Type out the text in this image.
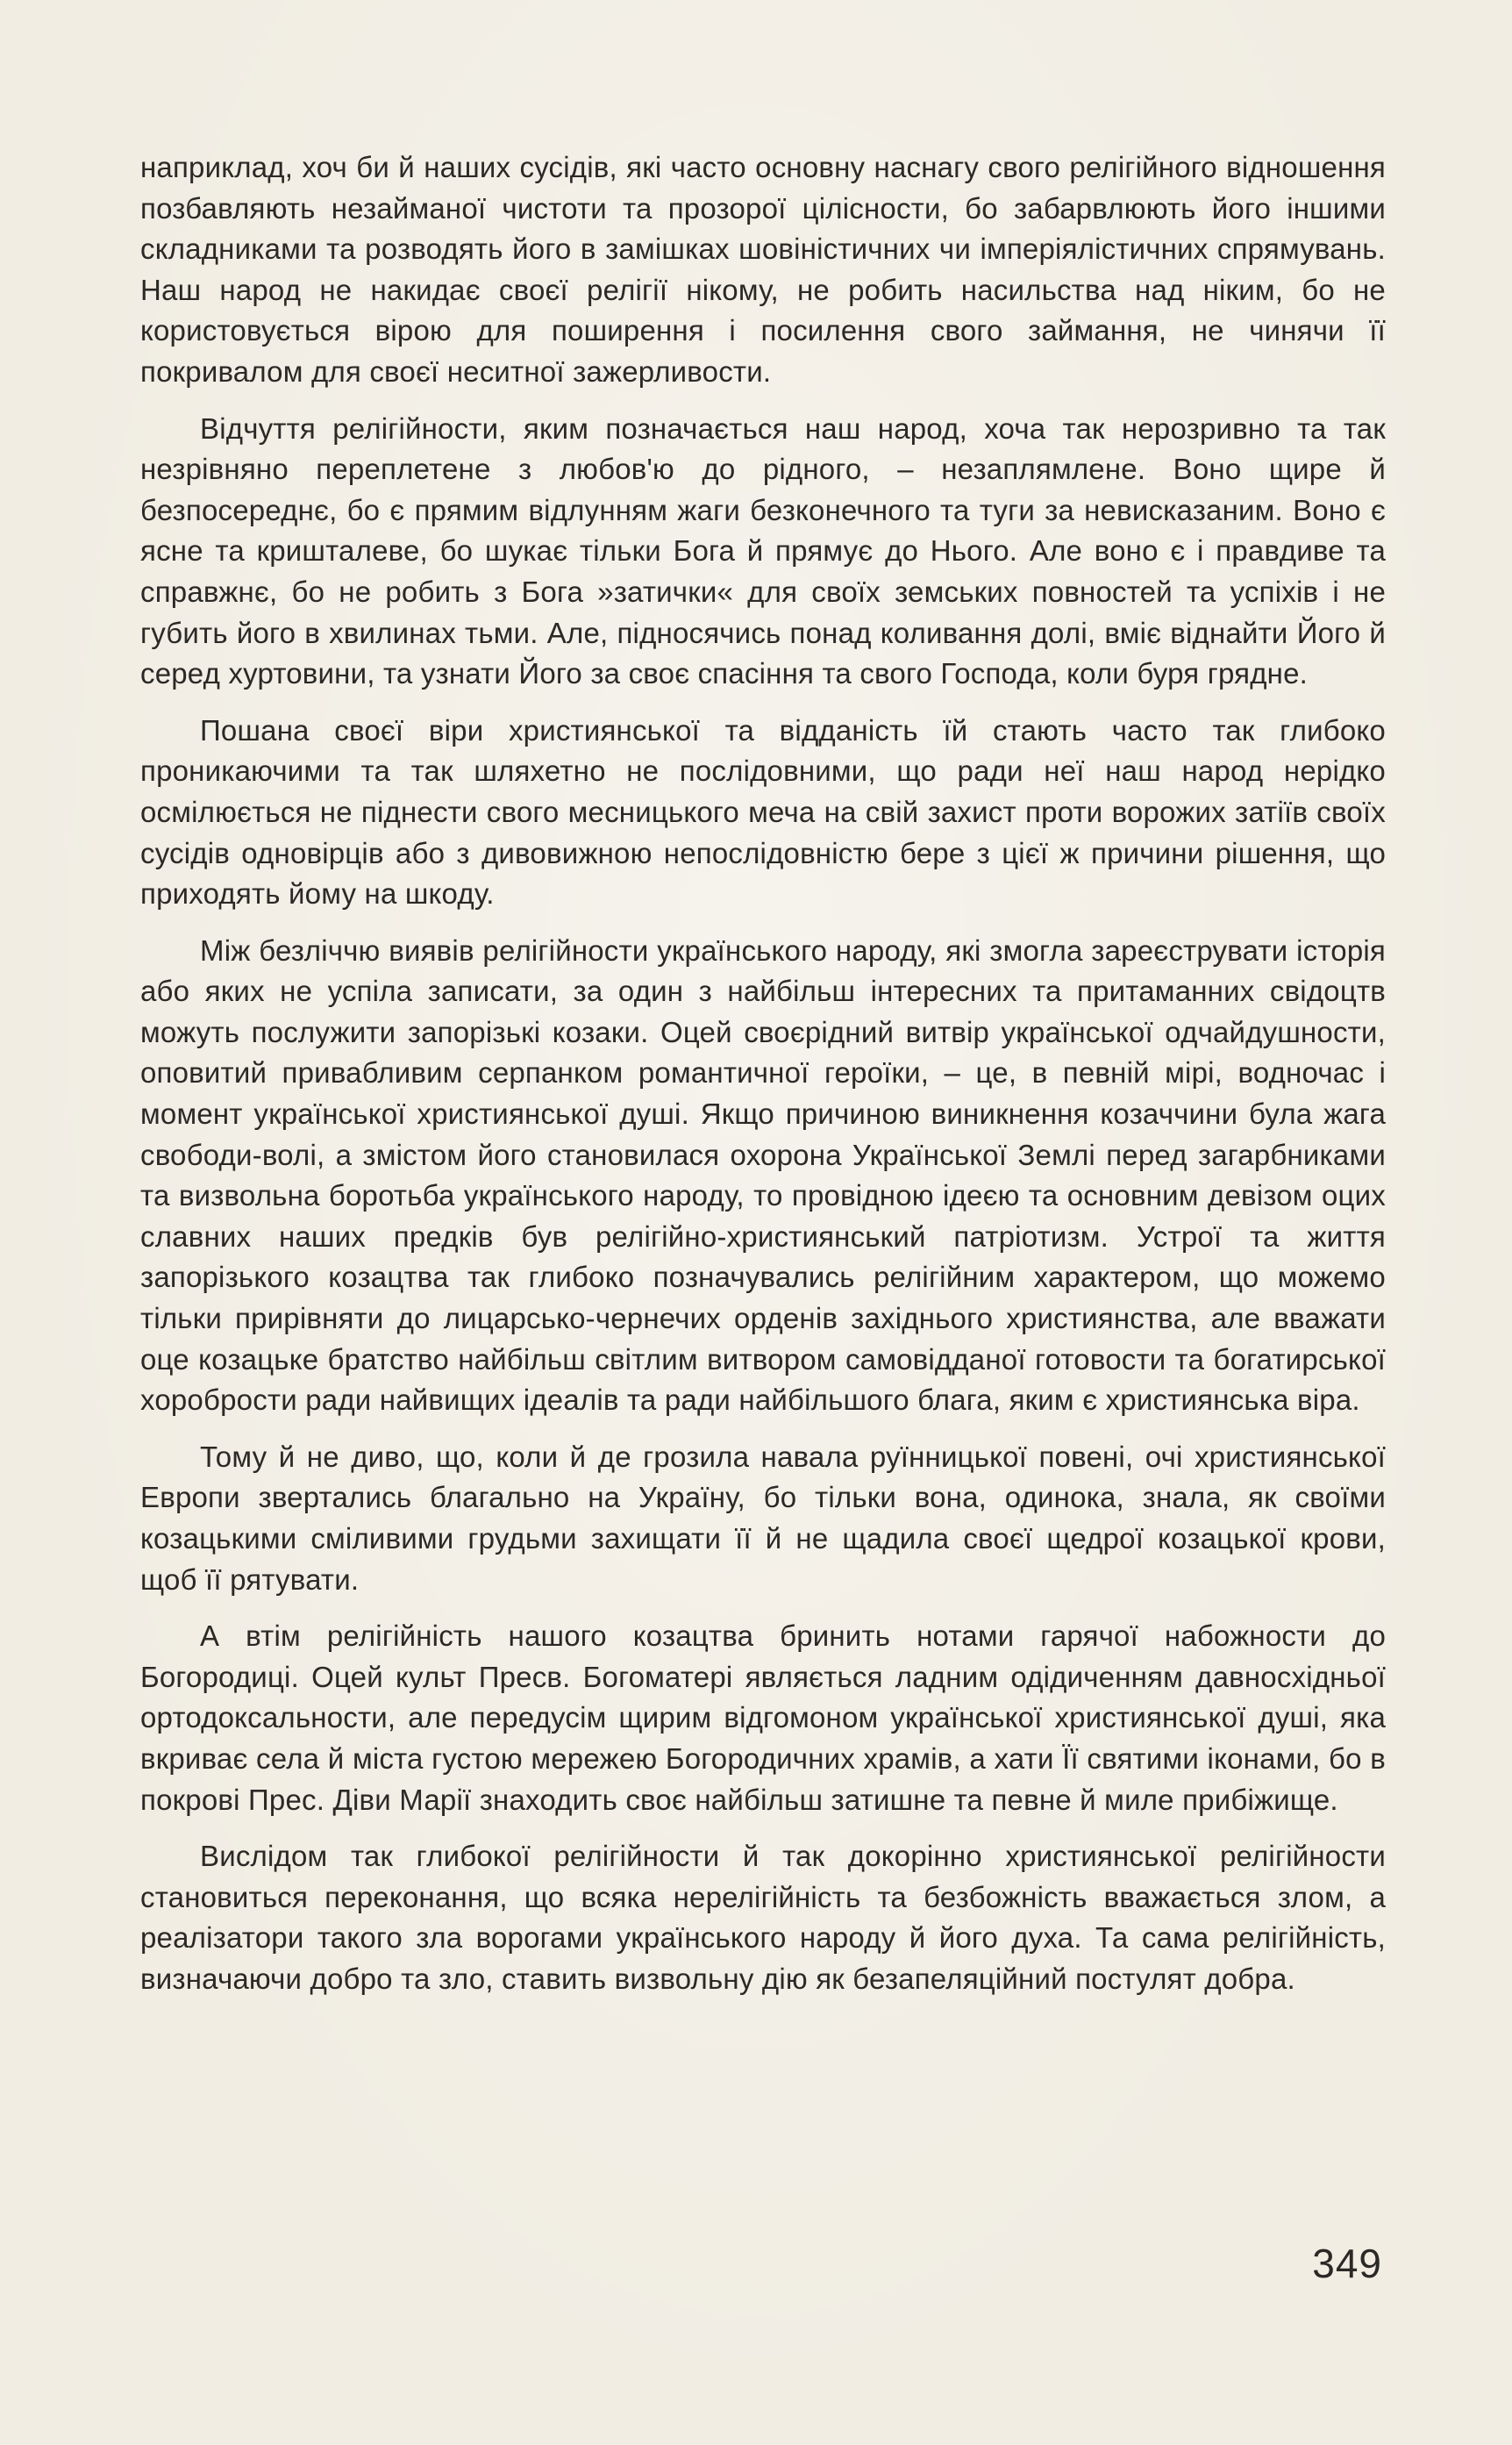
наприклад, хоч би й наших сусідів, які часто основну наснагу свого релігійного відношення позбавляють незайманої чистоти та прозорої цілісности, бо забарвлюють його іншими складниками та розводять його в замішках шовіністичних чи імперіялістичних спрямувань. Наш народ не накидає своєї релігії нікому, не робить насильства над ніким, бо не користовується вірою для поширення і посилення свого займання, не чинячи її покривалом для своєї неситної зажерливости.

Відчуття релігійности, яким позначається наш народ, хоча так нерозривно та так незрівняно переплетене з любов'ю до рідного, – незаплямлене. Воно щире й безпосереднє, бо є прямим відлунням жаги безконечного та туги за невисказаним. Воно є ясне та кришталеве, бо шукає тільки Бога й прямує до Нього. Але воно є і правдиве та справжнє, бо не робить з Бога »затички« для своїх земських повностей та успіхів і не губить його в хвилинах тьми. Але, підносячись понад коливання долі, вміє віднайти Його й серед хуртовини, та узнати Його за своє спасіння та свого Господа, коли буря грядне.

Пошана своєї віри християнської та відданість їй стають часто так глибоко проникаючими та так шляхетно не послідовними, що ради неї наш народ нерідко осмілюється не піднести свого месницького меча на свій захист проти ворожих затіїв своїх сусідів одновірців або з дивовижною непослідовністю бере з цієї ж причини рішення, що приходять йому на шкоду.

Між безліччю виявів релігійности українського народу, які змогла зареєструвати історія або яких не успіла записати, за один з найбільш інтересних та притаманних свідоцтв можуть послужити запорізькі козаки. Оцей своєрідний витвір української одчайдушности, оповитий привабливим серпанком романтичної героїки, – це, в певній мірі, водночас і момент української християнської душі. Якщо причиною виникнення козаччини була жага свободи-волі, а змістом його становилася охорона Української Землі перед загарбниками та визвольна боротьба українського народу, то провідною ідеєю та основним девізом оцих славних наших предків був релігійно-християнський патріотизм. Устрої та життя запорізького козацтва так глибоко позначувались релігійним характером, що можемо тільки прирівняти до лицарсько-чернечих орденів західнього християнства, але вважати оце козацьке братство найбільш світлим витвором самовідданої готовости та богатирської хоробрости ради найвищих ідеалів та ради найбільшого блага, яким є християнська віра.

Тому й не диво, що, коли й де грозила навала руїнницької повені, очі християнської Европи звертались благально на Україну, бо тільки вона, одинока, знала, як своїми козацькими сміливими грудьми захищати її й не щадила своєї щедрої козацької крови, щоб її рятувати.

А втім релігійність нашого козацтва бринить нотами гарячої набожности до Богородиці. Оцей культ Пресв. Богоматері являється ладним одідиченням давносхідньої ортодоксальности, але передусім щирим відгомоном української християнської душі, яка вкриває села й міста густою мережею Богородичних храмів, а хати Її святими іконами, бо в покрові Прес. Діви Марії знаходить своє найбільш затишне та певне й миле прибіжище.

Вислідом так глибокої релігійности й так докорінно християнської релігійности становиться переконання, що всяка нерелігійність та безбожність вважається злом, а реалізатори такого зла ворогами українського народу й його духа. Та сама релігійність, визначаючи добро та зло, ставить визвольну дію як безапеляційний постулят добра.

349
